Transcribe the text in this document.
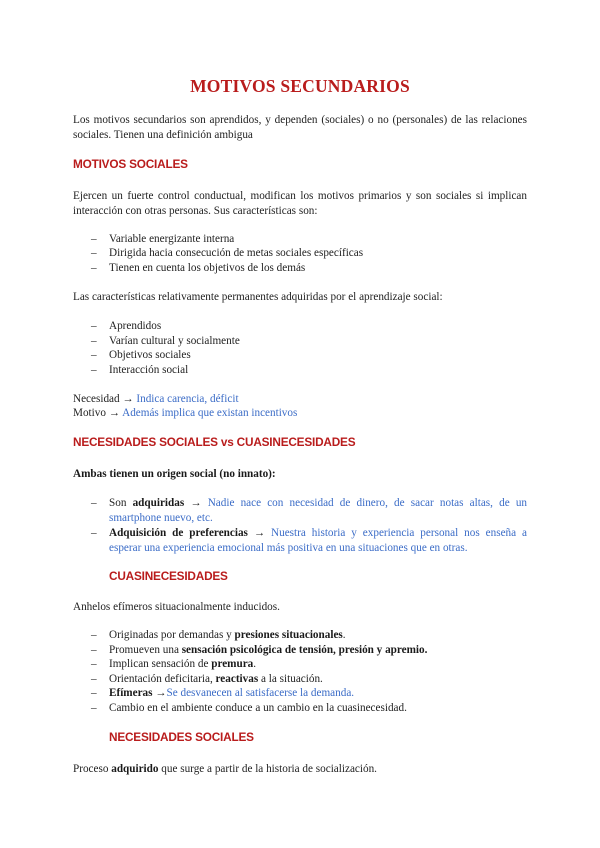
MOTIVOS SECUNDARIOS

Los motivos secundarios son aprendidos, y dependen (sociales) o no (personales) de las relaciones sociales. Tienen una definición ambigua

MOTIVOS SOCIALES

Ejercen un fuerte control conductual, modifican los motivos primarios y son sociales si implican interacción con otras personas. Sus características son:

– Variable energizante interna
– Dirigida hacia consecución de metas sociales específicas
– Tienen en cuenta los objetivos de los demás

Las características relativamente permanentes adquiridas por el aprendizaje social:

– Aprendidos
– Varían cultural y socialmente
– Objetivos sociales
– Interacción social

Necesidad → Indica carencia, déficit

Motivo → Además implica que existan incentivos

NECESIDADES SOCIALES vs CUASINECESIDADES

Ambas tienen un origen social (no innato):

– Son adquiridas → Nadie nace con necesidad de dinero, de sacar notas altas, de un smartphone nuevo, etc.

– Adquisición de preferencias → Nuestra historia y experiencia personal nos enseña a esperar una experiencia emocional más positiva en una situaciones que en otras.

CUASINECESIDADES

Anhelos efímeros situacionalmente inducidos.

– Originadas por demandas y presiones situacionales.
– Promueven una sensación psicológica de tensión, presión y apremio.
– Implican sensación de premura.
– Orientación deficitaria, reactivas a la situación.
– Efímeras →Se desvanecen al satisfacerse la demanda.
– Cambio en el ambiente conduce a un cambio en la cuasinecesidad.
NECESIDADES SOCIALES

Proceso adquirido que surge a partir de la historia de socialización.
